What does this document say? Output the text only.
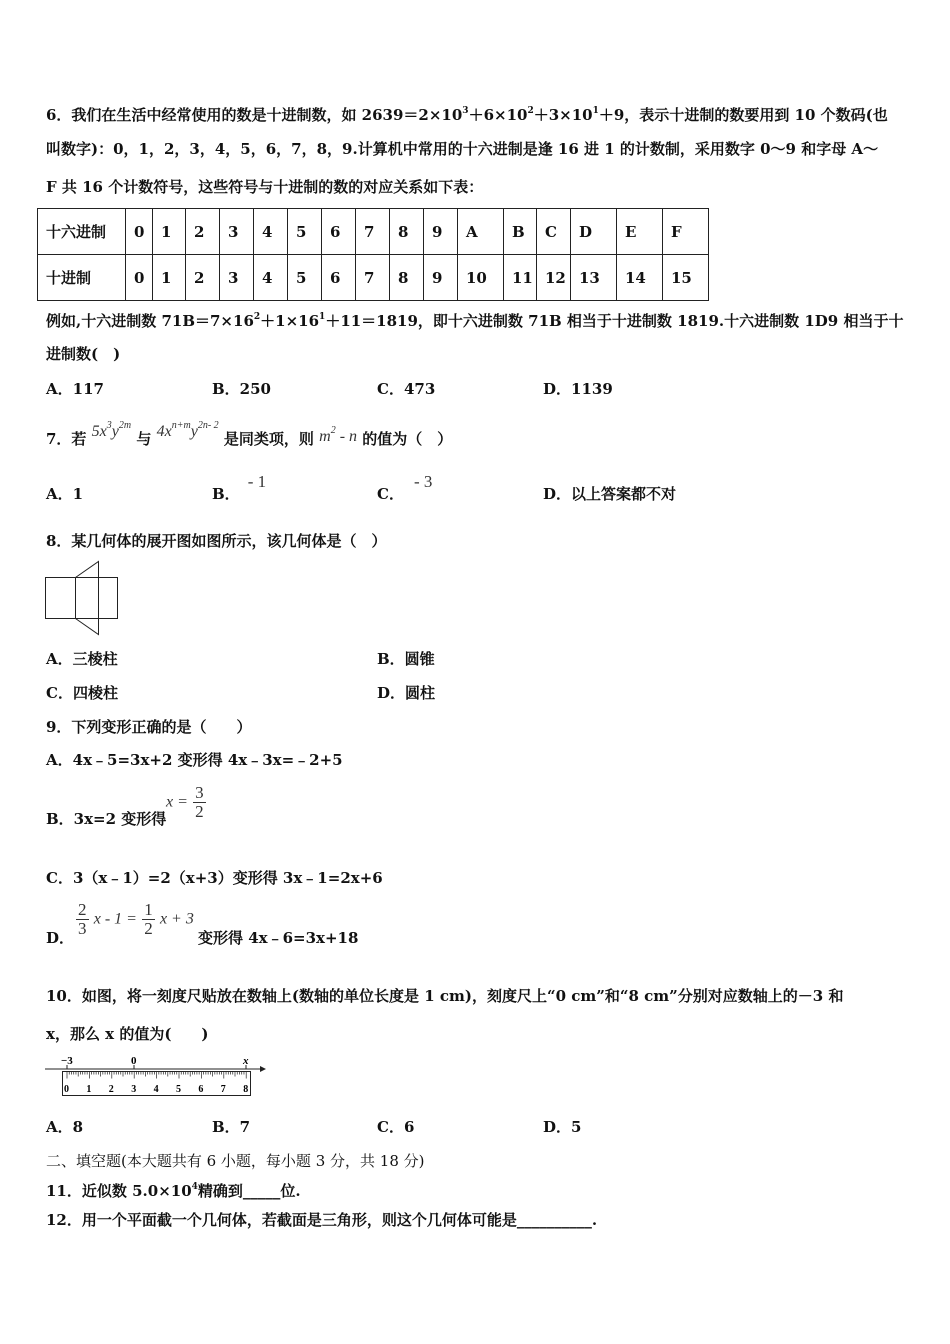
6．我们在生活中经常使用的数是十进制数，如 $2639=2\times 10^3+6\times 10^2+3\times 10^1+9$，表示十进制的数要用到 10 个数码(也
叫数字)：0，1，2，3，4，5，6，7，8，9.计算机中常用的十六进制是逢 16 进 1 的计数制，采用数字 0～9 和字母 A～
F 共 16 个计数符号，这些符号与十进制的数的对应关系如下表：
十六进制	0	1	2	3	4	5	6	7	8	9	A	B	C	D	E	F
十进制	0	1	2	3	4	5	6	7	8	9	10	11	12	13	14	15
例如,十六进制数 $71B=7\times 16^2+1\times 16^1+11=1819$，即十六进制数 71B 相当于十进制数 1819.十六进制数 1D9 相当于十
进制数(　)
A．117	B．250	C．473	D．1139
7．若 $5x^3y^{2m}$ 与 $4x^{n+m}y^{2n- 2}$ 是同类项，则 $m^2$ - n 的值为（　）
A．1	B．- 1
C．- 3
D．以上答案都不对
8．某几何体的展开图如图所示，该几何体是（　）
A．三棱柱	B．圆锥
C．四棱柱	D．圆柱
9．下列变形正确的是（　　）
A．4x﹣5=3x+2 变形得 4x﹣3x=﹣2+5
B．3x=2 变形得
$x = \frac{3}{2}$
C．3（x﹣1）=2（x+3）变形得 3x﹣1=2x+6
D． $\frac{2}{3}$ $x - 1 = \frac{1}{2}$ x + 3
变形得 4x﹣6=3x+18
10．如图，将一刻度尺贴放在数轴上(数轴的单位长度是 1 cm)，刻度尺上“0 cm”和“8 cm”分别对应数轴上的－3 和
x，那么 x 的值为(　　)
−3	0	x
0 1 2 3 4 5 6 7 8
A．8	B．7	C．6	D．5
二、填空题(本大题共有 6 小题，每小题 3 分，共 18 分)
11．近似数 $5.0\times 10^4$精确到_____位.
12．用一个平面截一个几何体，若截面是三角形，则这个几何体可能是__________.
